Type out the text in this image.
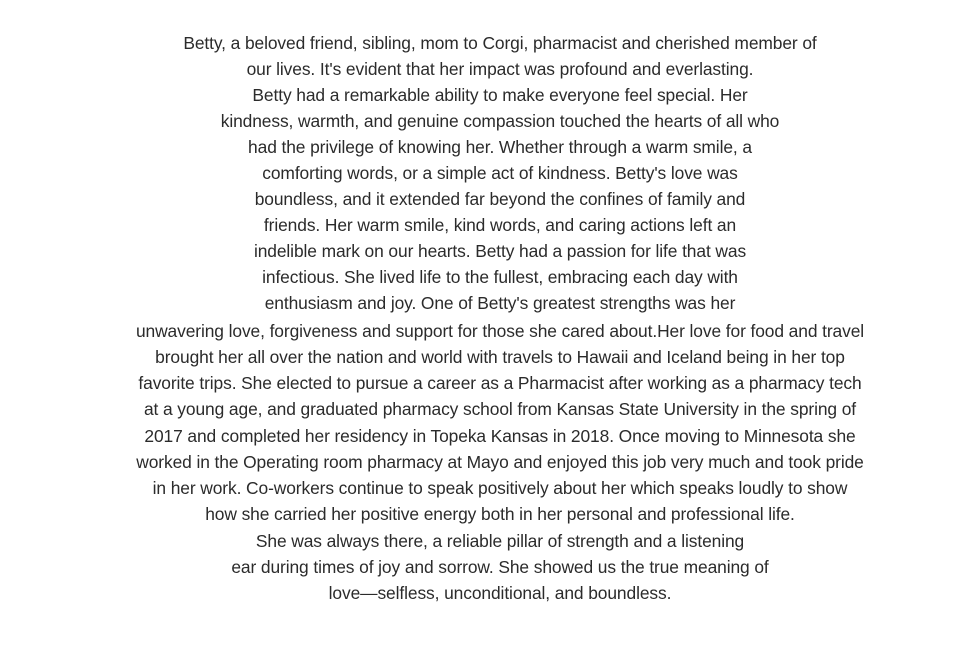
Betty, a beloved friend, sibling, mom to Corgi, pharmacist and cherished member of
our lives. It's evident that her impact was profound and everlasting.
Betty had a remarkable ability to make everyone feel special. Her
kindness, warmth, and genuine compassion touched the hearts of all who
had the privilege of knowing her. Whether through a warm smile, a
comforting words, or a simple act of kindness. Betty's love was
boundless, and it extended far beyond the confines of family and
friends. Her warm smile, kind words, and caring actions left an
indelible mark on our hearts. Betty had a passion for life that was
infectious. She lived life to the fullest, embracing each day with
enthusiasm and joy. One of Betty's greatest strengths was her
unwavering love, forgiveness and support for those she cared about.Her love for food and travel
brought her all over the nation and world with travels to Hawaii and Iceland being in her top
favorite trips. She elected to pursue a career as a Pharmacist after working as a pharmacy tech
at a young age, and graduated pharmacy school from Kansas State University in the spring of
2017 and completed her residency in Topeka Kansas in 2018. Once moving to Minnesota she
worked in the Operating room pharmacy at Mayo and enjoyed this job very much and took pride
in her work. Co-workers continue to speak positively about her which speaks loudly to show
how she carried her positive energy both in her personal and professional life.
She was always there, a reliable pillar of strength and a listening
ear during times of joy and sorrow. She showed us the true meaning of
love—selfless, unconditional, and boundless.
